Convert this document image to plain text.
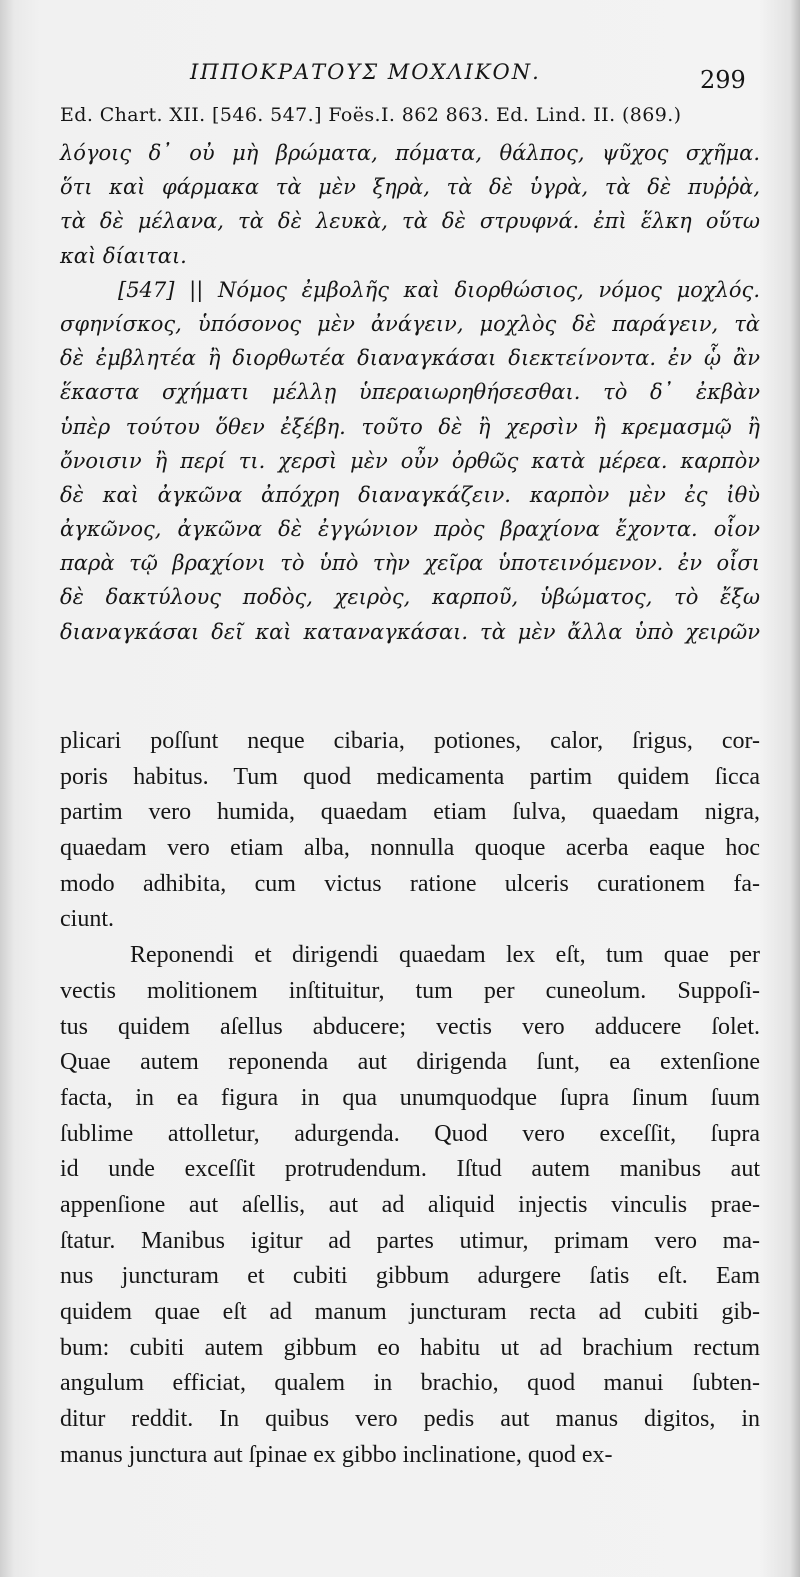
ΙΠΠΟΚΡΑΤΟΥΣ ΜΟΧΛΙΚΟΝ.	299
Ed. Chart. XII. [546. 547.] Foës.I. 862 863. Ed. Lind. II. (869.)
λόγοις δ᾽ οὐ μὴ βρώματα, πόματα, θάλπος, ψῦχος σχῆμα.
ὅτι καὶ φάρμακα τὰ μὲν ξηρὰ, τὰ δὲ ὑγρὰ, τὰ δὲ πυῤῥὰ,
τὰ δὲ μέλανα, τὰ δὲ λευκὰ, τὰ δὲ στρυφνά. ἐπὶ ἕλκη οὕτω
καὶ δίαιται.
[547] || Νόμος ἐμβολῆς καὶ διορθώσιος, νόμος μοχλός.
σφηνίσκος, ὑπόσονος μὲν ἀνάγειν, μοχλὸς δὲ παράγειν, τὰ
δὲ ἐμβλητέα ἢ διορθωτέα διαναγκάσαι διεκτείνοντα. ἐν ᾧ ἂν
ἕκαστα σχήματι μέλλῃ ὑπεραιωρηθήσεσθαι. τὸ δ᾽ ἐκβὰν
ὑπὲρ τούτου ὅθεν ἐξέβη. τοῦτο δὲ ἢ χερσὶν ἢ κρεμασμῷ ἢ
ὄνοισιν ἢ περί τι. χερσὶ μὲν οὖν ὀρθῶς κατὰ μέρεα. καρπὸν
δὲ καὶ ἀγκῶνα ἀπόχρη διαναγκάζειν. καρπὸν μὲν ἐς ἰθὺ
ἀγκῶνος, ἀγκῶνα δὲ ἐγγώνιον πρὸς βραχίονα ἔχοντα. οἷον
παρὰ τῷ βραχίονι τὸ ὑπὸ τὴν χεῖρα ὑποτεινόμενον. ἐν οἷσι
δὲ δακτύλους ποδὸς, χειρὸς, καρποῦ, ὑβώματος, τὸ ἔξω
διαναγκάσαι δεῖ καὶ καταναγκάσαι. τὰ μὲν ἄλλα ὑπὸ χειρῶν
plicari poſſunt neque cibaria, potiones, calor, ſrigus, cor-
poris habitus. Tum quod medicamenta partim quidem ſicca
partim vero humida, quaedam etiam ſulva, quaedam nigra,
quaedam vero etiam alba, nonnulla quoque acerba eaque hoc
modo adhibita, cum victus ratione ulceris curationem fa-
ciunt.
Reponendi et dirigendi quaedam lex eſt, tum quae per
vectis molitionem inſtituitur, tum per cuneolum. Suppoſi-
tus quidem aſellus abducere; vectis vero adducere ſolet.
Quae autem reponenda aut dirigenda ſunt, ea extenſione
facta, in ea figura in qua unumquodque ſupra ſinum ſuum
ſublime attolletur, adurgenda. Quod vero exceſſit, ſupra
id unde exceſſit protrudendum. Iſtud autem manibus aut
appenſione aut aſellis, aut ad aliquid injectis vinculis prae-
ſtatur. Manibus igitur ad partes utimur, primam vero ma-
nus juncturam et cubiti gibbum adurgere ſatis eſt. Eam
quidem quae eſt ad manum juncturam recta ad cubiti gib-
bum: cubiti autem gibbum eo habitu ut ad brachium rectum
angulum efficiat, qualem in brachio, quod manui ſubten-
ditur reddit. In quibus vero pedis aut manus digitos, in
manus junctura aut ſpinae ex gibbo inclinatione, quod ex-
